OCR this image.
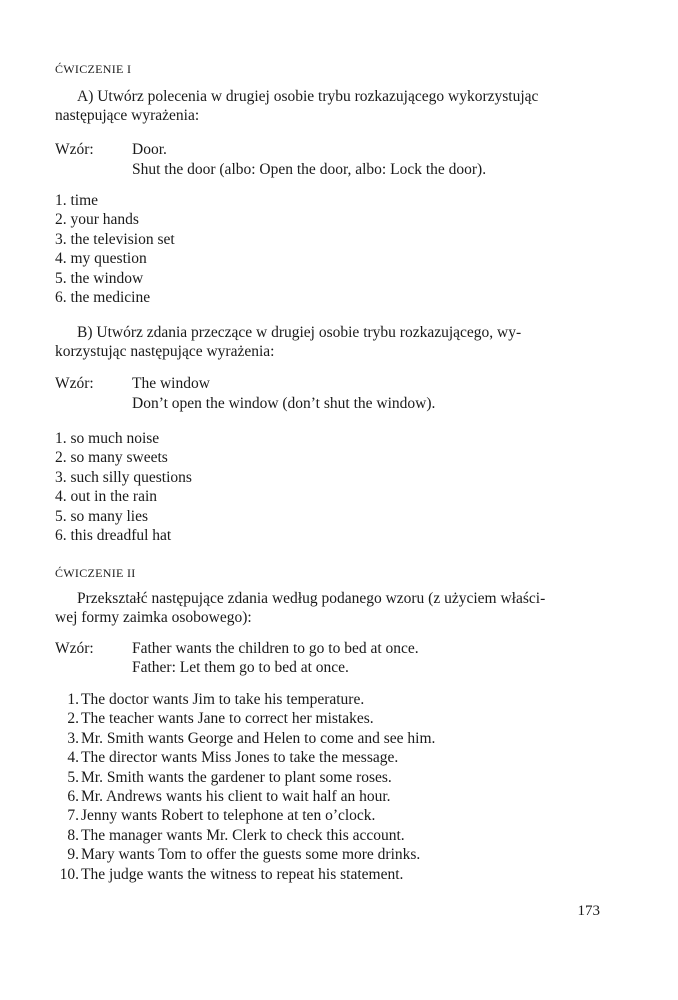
ĆWICZENIE I
A) Utwórz polecenia w drugiej osobie trybu rozkazującego wykorzystując
następujące wyrażenia:
Wzór: Door.
Shut the door (albo: Open the door, albo: Lock the door).
1. time
2. your hands
3. the television set
4. my question
5. the window
6. the medicine
B) Utwórz zdania przeczące w drugiej osobie trybu rozkazującego, wy-
korzystując następujące wyrażenia:
Wzór: The window
Don’t open the window (don’t shut the window).
1. so much noise
2. so many sweets
3. such silly questions
4. out in the rain
5. so many lies
6. this dreadful hat
ĆWICZENIE II
Przekształć następujące zdania według podanego wzoru (z użyciem właści-
wej formy zaimka osobowego):
Wzór: Father wants the children to go to bed at once.
Father: Let them go to bed at once.
1. The doctor wants Jim to take his temperature.
2. The teacher wants Jane to correct her mistakes.
3. Mr. Smith wants George and Helen to come and see him.
4. The director wants Miss Jones to take the message.
5. Mr. Smith wants the gardener to plant some roses.
6. Mr. Andrews wants his client to wait half an hour.
7. Jenny wants Robert to telephone at ten o’clock.
8. The manager wants Mr. Clerk to check this account.
9. Mary wants Tom to offer the guests some more drinks.
10. The judge wants the witness to repeat his statement.
173
